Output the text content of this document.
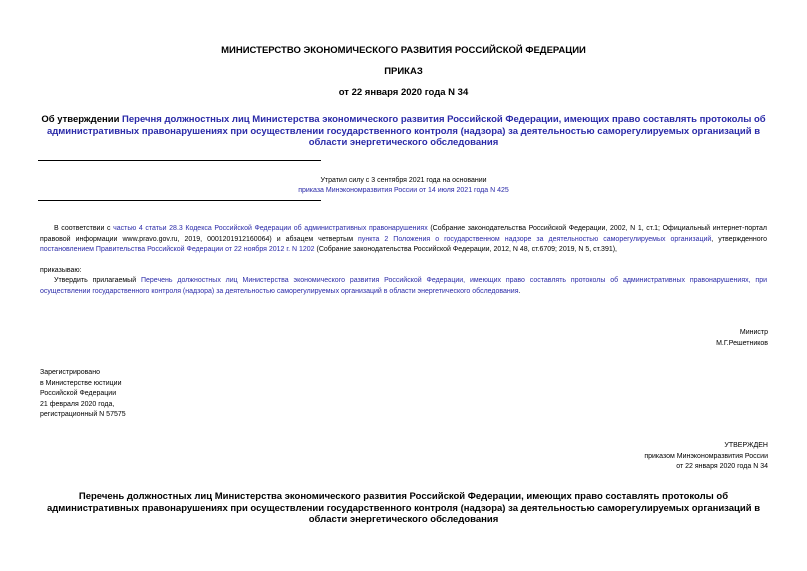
МИНИСТЕРСТВО ЭКОНОМИЧЕСКОГО РАЗВИТИЯ РОССИЙСКОЙ ФЕДЕРАЦИИ
ПРИКАЗ
от 22 января 2020 года N 34
Об утверждении Перечня должностных лиц Министерства экономического развития Российской Федерации, имеющих право составлять протоколы об административных правонарушениях при осуществлении государственного контроля (надзора) за деятельностью саморегулируемых организаций в области энергетического обследования
Утратил силу с 3 сентября 2021 года на основании
приказа Минэкономразвития России от 14 июля 2021 года N 425
В соответствии с частью 4 статьи 28.3 Кодекса Российской Федерации об административных правонарушениях (Собрание законодательства Российской Федерации, 2002, N 1, ст.1; Официальный интернет-портал правовой информации www.pravo.gov.ru, 2019, 0001201912160064) и абзацем четвертым пункта 2 Положения о государственном надзоре за деятельностью саморегулируемых организаций, утвержденного постановлением Правительства Российской Федерации от 22 ноября 2012 г. N 1202 (Собрание законодательства Российской Федерации, 2012, N 48, ст.6709; 2019, N 5, ст.391),
приказываю:
Утвердить прилагаемый Перечень должностных лиц Министерства экономического развития Российской Федерации, имеющих право составлять протоколы об административных правонарушениях, при осуществлении государственного контроля (надзора) за деятельностью саморегулируемых организаций в области энергетического обследования.
Министр
М.Г.Решетников
Зарегистрировано
в Министерстве юстиции
Российской Федерации
21 февраля 2020 года,
регистрационный N 57575
УТВЕРЖДЕН
приказом Минэкономразвития России
от 22 января 2020 года N 34
Перечень должностных лиц Министерства экономического развития Российской Федерации, имеющих право составлять протоколы об административных правонарушениях при осуществлении государственного контроля (надзора) за деятельностью саморегулируемых организаций в области энергетического обследования
